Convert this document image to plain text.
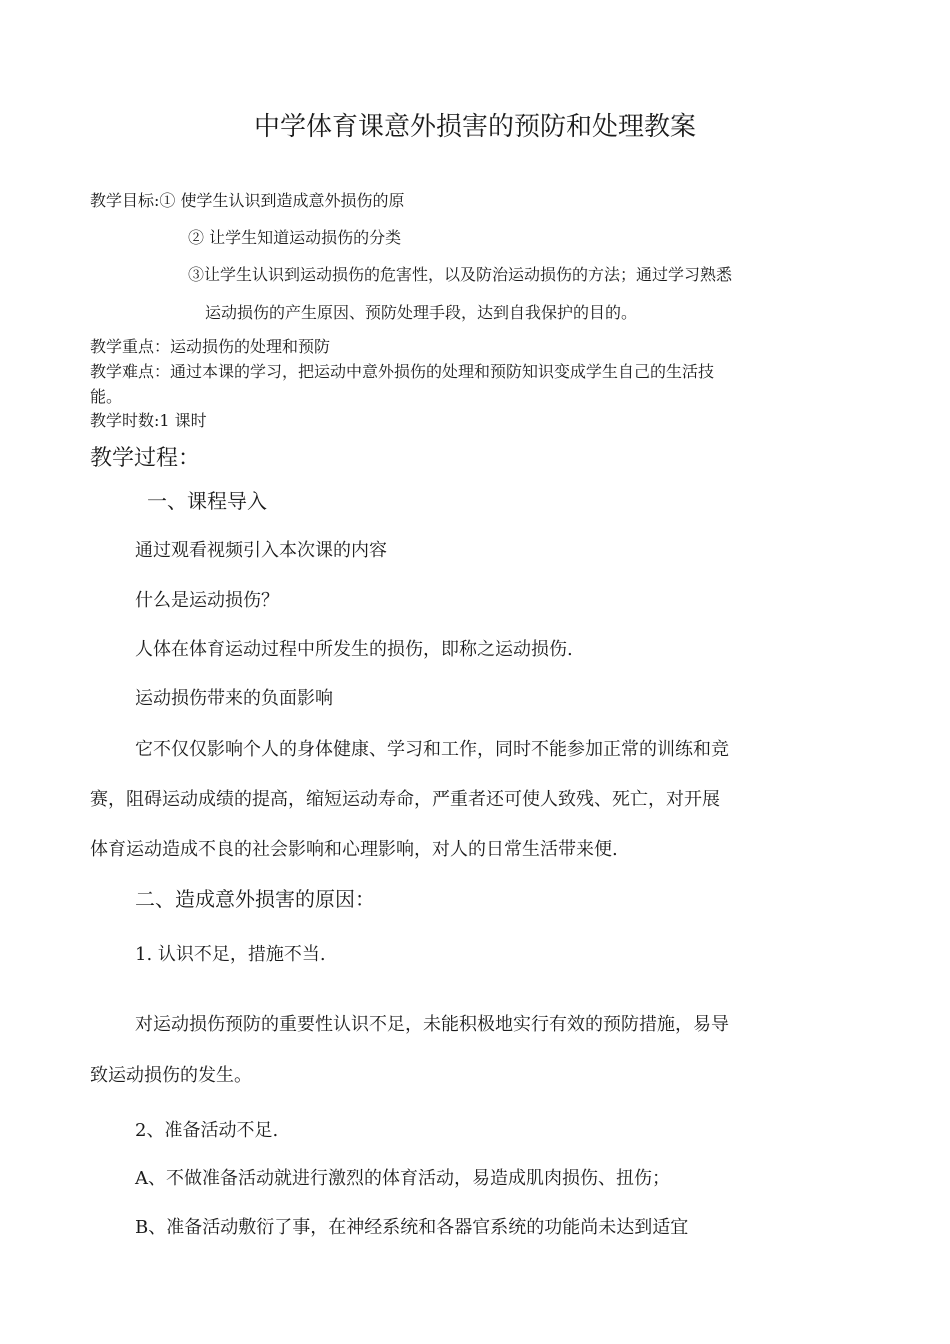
中学体育课意外损害的预防和处理教案
教学目标:① 使学生认识到造成意外损伤的原
② 让学生知道运动损伤的分类
③让学生认识到运动损伤的危害性，以及防治运动损伤的方法；通过学习熟悉
运动损伤的产生原因、预防处理手段，达到自我保护的目的。
教学重点：运动损伤的处理和预防
教学难点：通过本课的学习，把运动中意外损伤的处理和预防知识变成学生自己的生活技
能。
教学时数:1 课时
教学过程：
一、课程导入
通过观看视频引入本次课的内容
什么是运动损伤？
人体在体育运动过程中所发生的损伤，即称之运动损伤.
运动损伤带来的负面影响
它不仅仅影响个人的身体健康、学习和工作，同时不能参加正常的训练和竞
赛，阻碍运动成绩的提高，缩短运动寿命，严重者还可使人致残、死亡，对开展
体育运动造成不良的社会影响和心理影响，对人的日常生活带来便.
二、造成意外损害的原因：
1. 认识不足，措施不当.
对运动损伤预防的重要性认识不足，未能积极地实行有效的预防措施，易导
致运动损伤的发生。
2、准备活动不足.
A、不做准备活动就进行激烈的体育活动，易造成肌肉损伤、扭伤；
B、准备活动敷衍了事，在神经系统和各器官系统的功能尚未达到适宜
